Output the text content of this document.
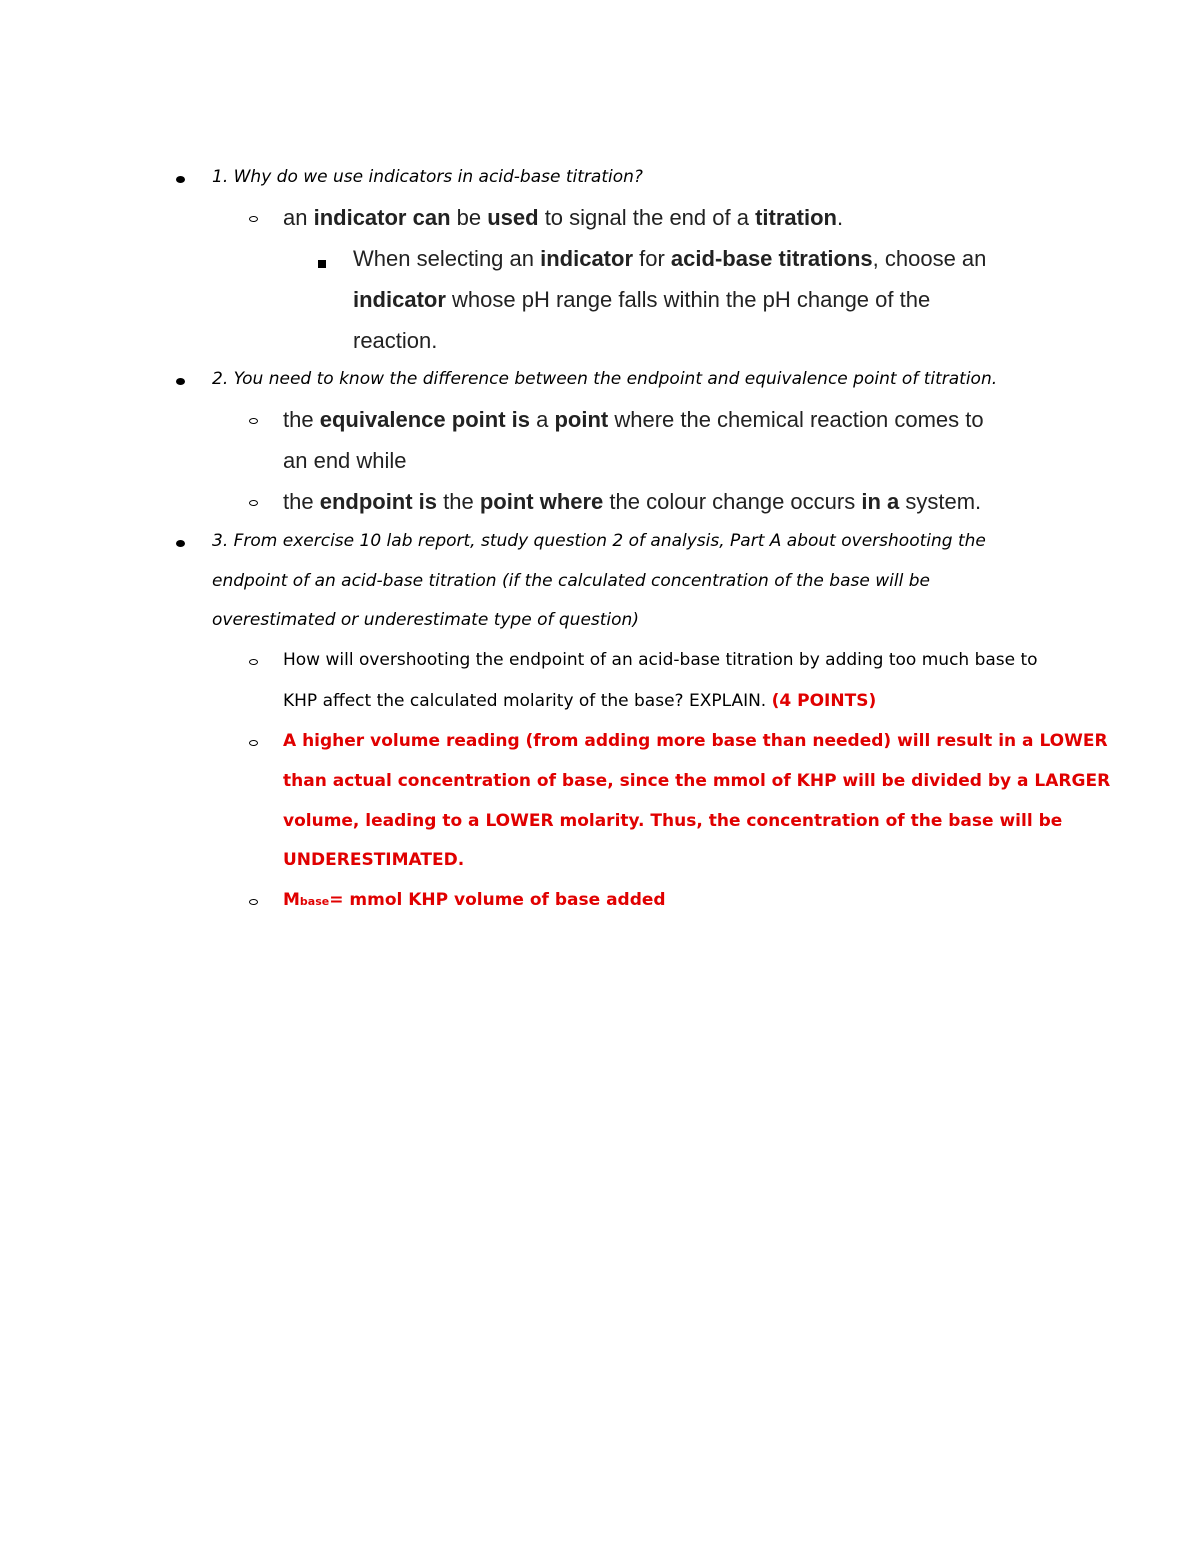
1. Why do we use indicators in acid-base titration?
an indicator can be used to signal the end of a titration.
When selecting an indicator for acid-base titrations, choose an
indicator whose pH range falls within the pH change of the
reaction.
2. You need to know the difference between the endpoint and equivalence point of titration.
the equivalence point is a point where the chemical reaction comes to
an end while
the endpoint is the point where the colour change occurs in a system.
3. From exercise 10 lab report, study question 2 of analysis, Part A about overshooting the
endpoint of an acid-base titration (if the calculated concentration of the base will be
overestimated or underestimate type of question)
How will overshooting the endpoint of an acid-base titration by adding too much base to
KHP affect the calculated molarity of the base? EXPLAIN. (4 POINTS)
A higher volume reading (from adding more base than needed) will result in a LOWER
than actual concentration of base, since the mmol of KHP will be divided by a LARGER
volume, leading to a LOWER molarity. Thus, the concentration of the base will be
UNDERESTIMATED.
Mbase= mmol KHP volume of base added
